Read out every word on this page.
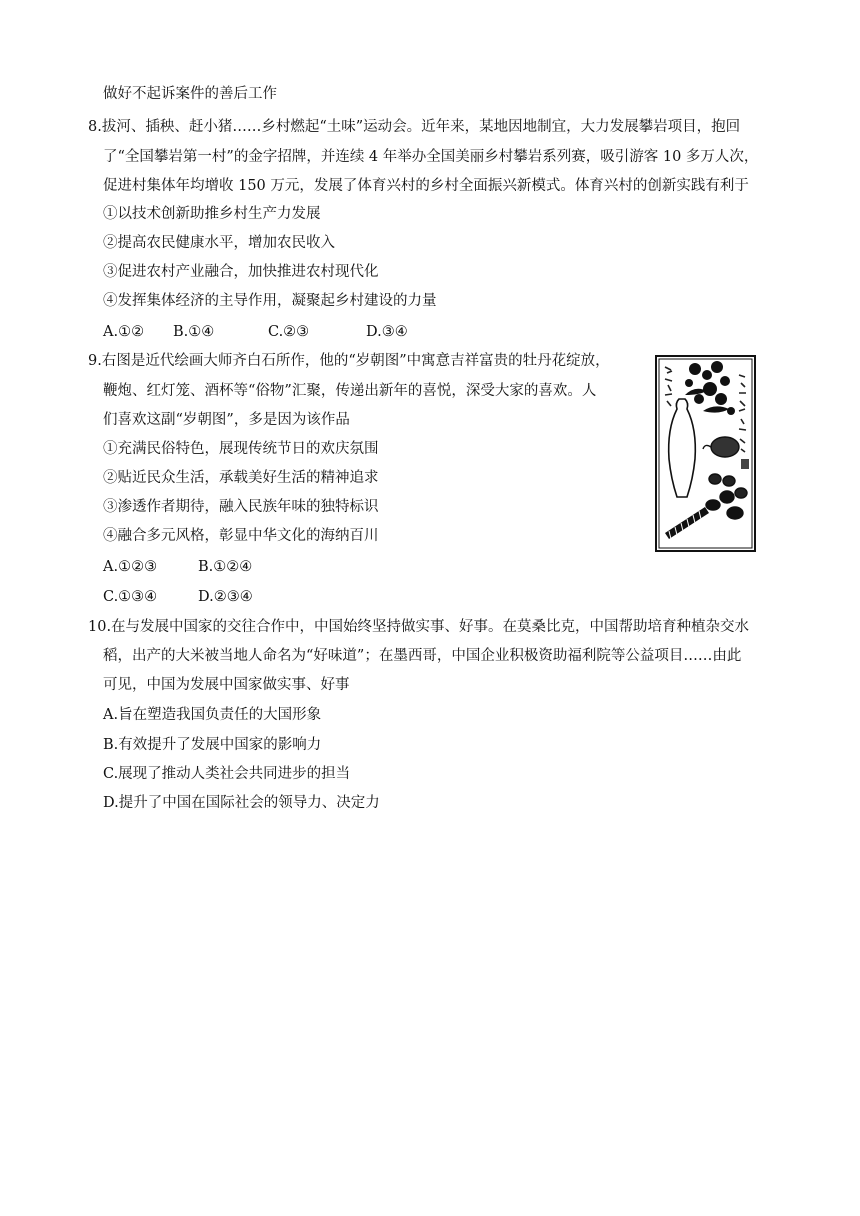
做好不起诉案件的善后工作
8.拔河、插秧、赶小猪……乡村燃起“土味”运动会。近年来，某地因地制宜，大力发展攀岩项目，抱回
了“全国攀岩第一村”的金字招牌，并连续 4 年举办全国美丽乡村攀岩系列赛，吸引游客 10 多万人次，
促进村集体年均增收 150 万元，发展了体育兴村的乡村全面振兴新模式。体育兴村的创新实践有利于
①以技术创新助推乡村生产力发展
②提高农民健康水平，增加农民收入
③促进农村产业融合，加快推进农村现代化
④发挥集体经济的主导作用，凝聚起乡村建设的力量
A.①② B.①④	C.②③	D.③④
9.右图是近代绘画大师齐白石所作，他的“岁朝图”中寓意吉祥富贵的牡丹花绽放，
鞭炮、红灯笼、酒杯等“俗物”汇聚，传递出新年的喜悦，深受大家的喜欢。人
们喜欢这副“岁朝图”，多是因为该作品
①充满民俗特色，展现传统节日的欢庆氛围
②贴近民众生活，承载美好生活的精神追求
③渗透作者期待，融入民族年味的独特标识
④融合多元风格，彰显中华文化的海纳百川
A.①②③	B.①②④
C.①③④	D.②③④
10.在与发展中国家的交往合作中，中国始终坚持做实事、好事。在莫桑比克，中国帮助培育种植杂交水
稻，出产的大米被当地人命名为“好味道”；在墨西哥，中国企业积极资助福利院等公益项目……由此
可见，中国为发展中国家做实事、好事
A.旨在塑造我国负责任的大国形象
B.有效提升了发展中国家的影响力
C.展现了推动人类社会共同进步的担当
D.提升了中国在国际社会的领导力、决定力
